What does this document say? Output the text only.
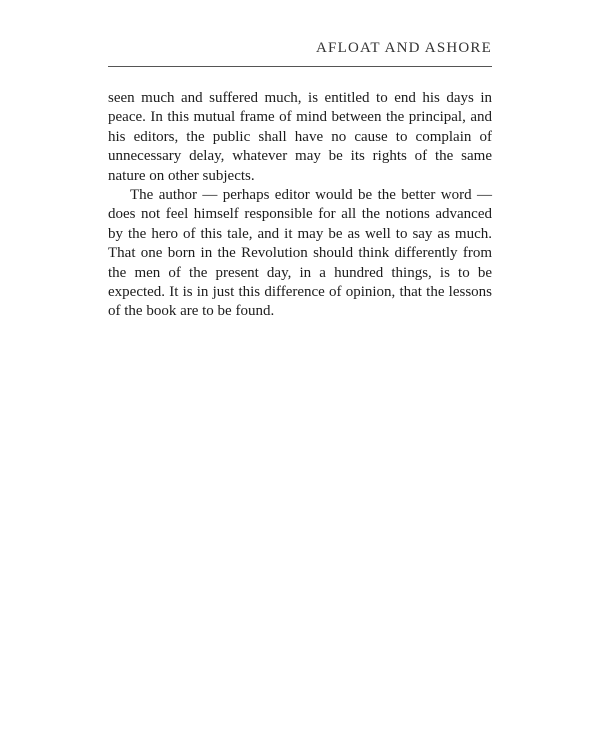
AFLOAT AND ASHORE

seen much and suffered much, is entitled to end his days in peace. In this mutual frame of mind between the principal, and his editors, the public shall have no cause to complain of unnecessary delay, whatever may be its rights of the same nature on other subjects.

The author — perhaps editor would be the better word — does not feel himself responsible for all the notions advanced by the hero of this tale, and it may be as well to say as much. That one born in the Revolution should think differently from the men of the present day, in a hundred things, is to be expected. It is in just this difference of opinion, that the lessons of the book are to be found.
